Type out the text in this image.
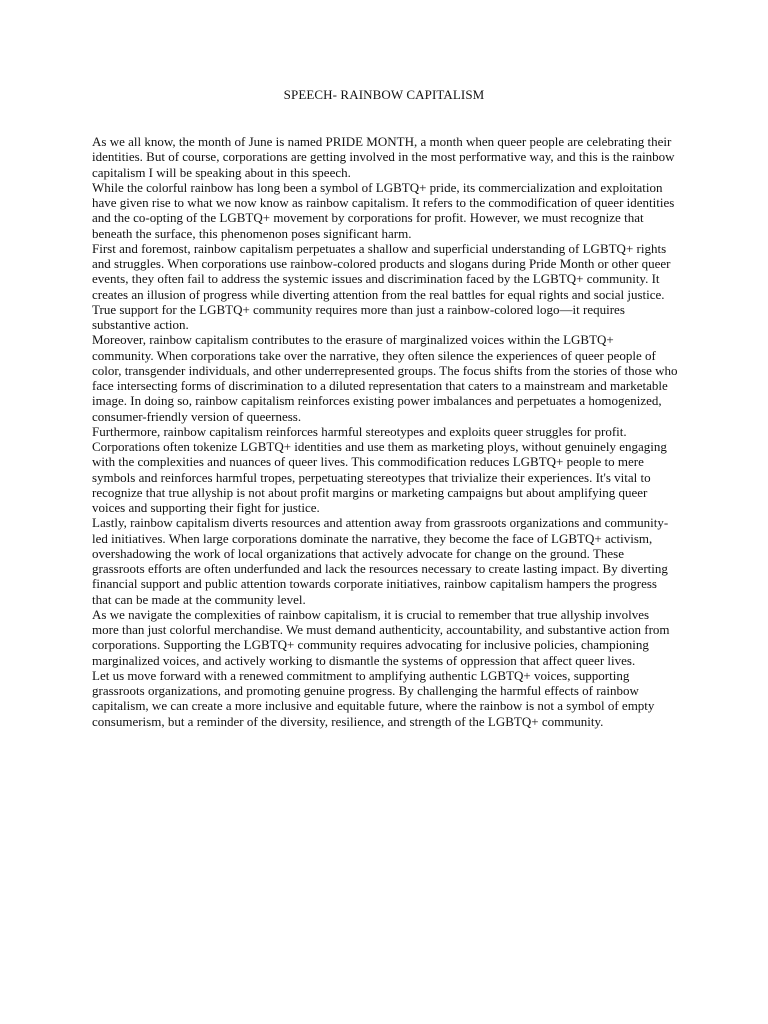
SPEECH- RAINBOW CAPITALISM

As we all know, the month of June is named PRIDE MONTH, a month when queer people are celebrating their identities. But of course, corporations are getting involved in the most performative way, and this is the rainbow capitalism I will be speaking about in this speech.

While the colorful rainbow has long been a symbol of LGBTQ+ pride, its commercialization and exploitation have given rise to what we now know as rainbow capitalism. It refers to the commodification of queer identities and the co-opting of the LGBTQ+ movement by corporations for profit. However, we must recognize that beneath the surface, this phenomenon poses significant harm.

First and foremost, rainbow capitalism perpetuates a shallow and superficial understanding of LGBTQ+ rights and struggles. When corporations use rainbow-colored products and slogans during Pride Month or other queer events, they often fail to address the systemic issues and discrimination faced by the LGBTQ+ community. It creates an illusion of progress while diverting attention from the real battles for equal rights and social justice. True support for the LGBTQ+ community requires more than just a rainbow-colored logo—it requires substantive action.

Moreover, rainbow capitalism contributes to the erasure of marginalized voices within the LGBTQ+ community. When corporations take over the narrative, they often silence the experiences of queer people of color, transgender individuals, and other underrepresented groups. The focus shifts from the stories of those who face intersecting forms of discrimination to a diluted representation that caters to a mainstream and marketable image. In doing so, rainbow capitalism reinforces existing power imbalances and perpetuates a homogenized, consumer-friendly version of queerness.

Furthermore, rainbow capitalism reinforces harmful stereotypes and exploits queer struggles for profit. Corporations often tokenize LGBTQ+ identities and use them as marketing ploys, without genuinely engaging with the complexities and nuances of queer lives. This commodification reduces LGBTQ+ people to mere symbols and reinforces harmful tropes, perpetuating stereotypes that trivialize their experiences. It's vital to recognize that true allyship is not about profit margins or marketing campaigns but about amplifying queer voices and supporting their fight for justice.

Lastly, rainbow capitalism diverts resources and attention away from grassroots organizations and community-led initiatives. When large corporations dominate the narrative, they become the face of LGBTQ+ activism, overshadowing the work of local organizations that actively advocate for change on the ground. These grassroots efforts are often underfunded and lack the resources necessary to create lasting impact. By diverting financial support and public attention towards corporate initiatives, rainbow capitalism hampers the progress that can be made at the community level.

As we navigate the complexities of rainbow capitalism, it is crucial to remember that true allyship involves more than just colorful merchandise. We must demand authenticity, accountability, and substantive action from corporations. Supporting the LGBTQ+ community requires advocating for inclusive policies, championing marginalized voices, and actively working to dismantle the systems of oppression that affect queer lives.

Let us move forward with a renewed commitment to amplifying authentic LGBTQ+ voices, supporting grassroots organizations, and promoting genuine progress. By challenging the harmful effects of rainbow capitalism, we can create a more inclusive and equitable future, where the rainbow is not a symbol of empty consumerism, but a reminder of the diversity, resilience, and strength of the LGBTQ+ community.
